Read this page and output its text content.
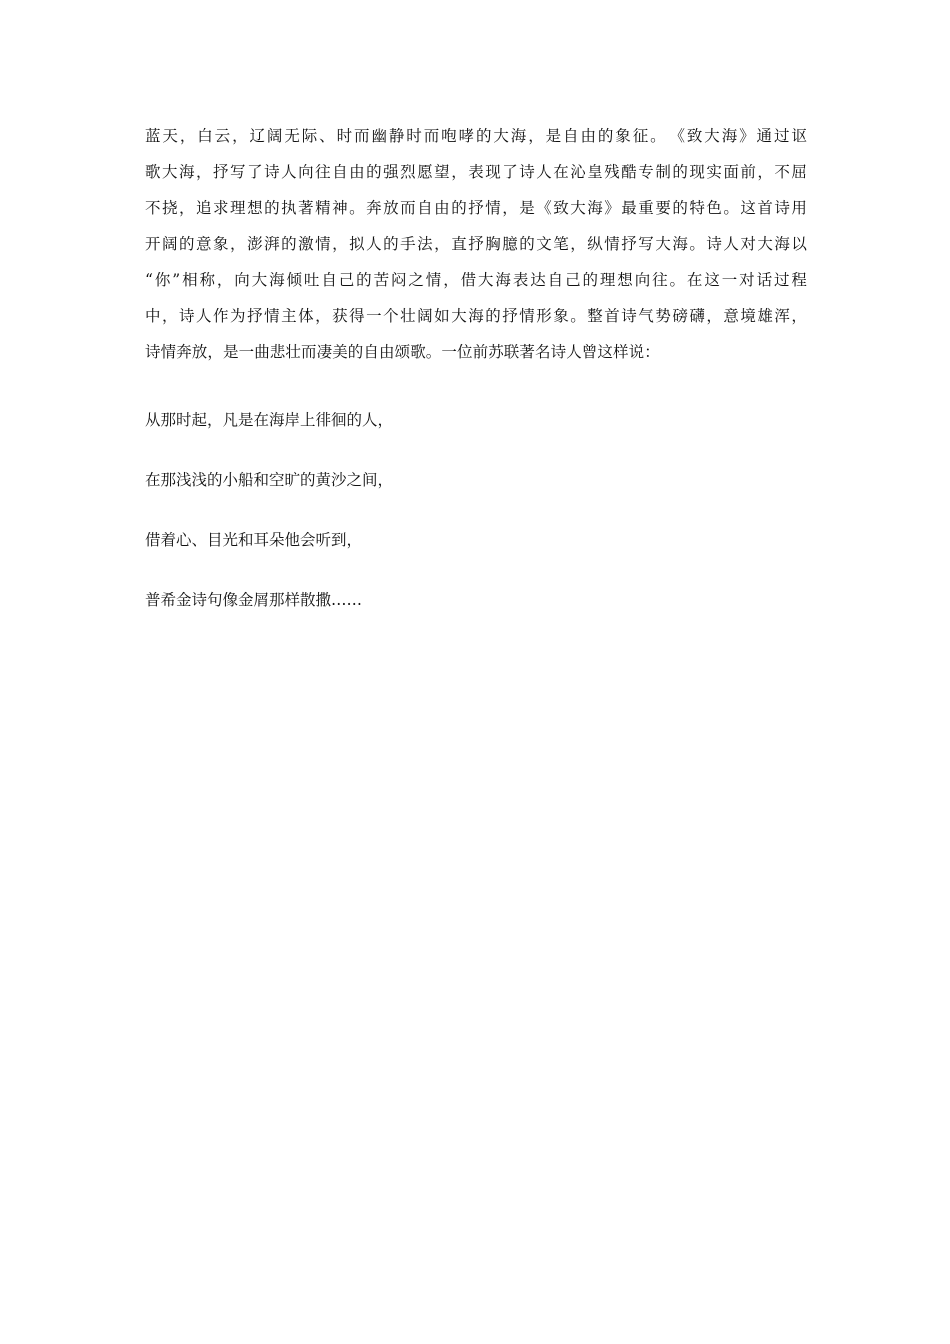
蓝天，白云，辽阔无际、时而幽静时而咆哮的大海，是自由的象征。　《致大海》通过讴
歌大海，抒写了诗人向往自由的强烈愿望，表现了诗人在沁皇残酷专制的现实面前，不屈
不挠，追求理想的执著精神。奔放而自由的抒情，是《致大海》最重要的特色。这首诗用
开阔的意象，澎湃的激情，拟人的手法，直抒胸臆的文笔，纵情抒写大海。诗人对大海以
“你”相称，向大海倾吐自己的苦闷之情，借大海表达自己的理想向往。在这一对话过程
中，诗人作为抒情主体，获得一个壮阔如大海的抒情形象。整首诗气势磅礴，意境雄浑，
诗情奔放，是一曲悲壮而凄美的自由颂歌。一位前苏联著名诗人曾这样说：
从那时起，凡是在海岸上徘徊的人，
在那浅浅的小船和空旷的黄沙之间，
借着心、目光和耳朵他会听到，
普希金诗句像金屑那样散撒……
